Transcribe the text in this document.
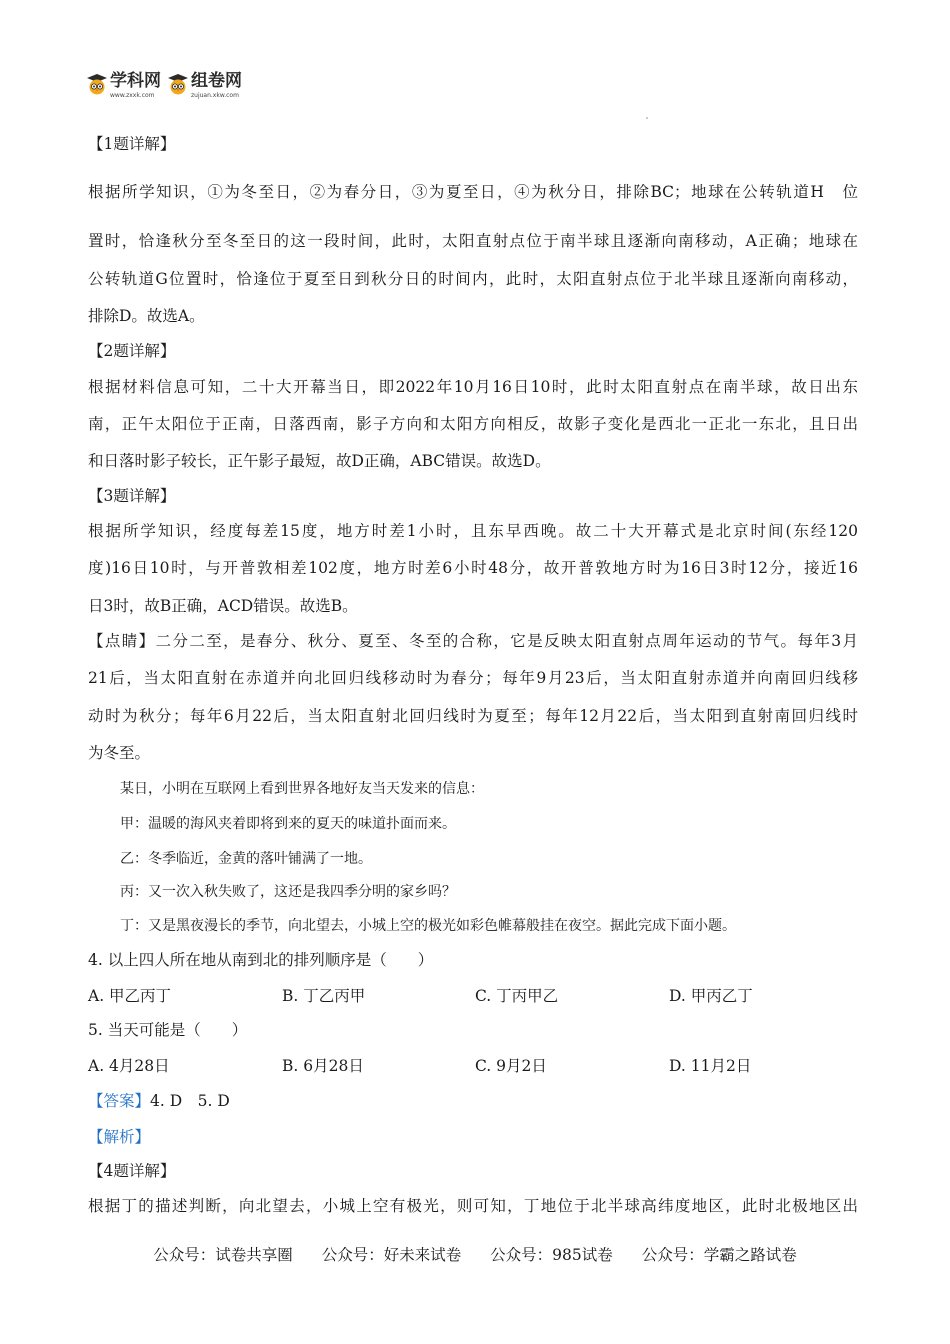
学科网
www.zxxk.com
组卷网
zujuan.xkw.com
【1题详解】
根据所学知识，①为冬至日，②为春分日，③为夏至日，④为秋分日，排除BC；地球在公转轨道H　位
置时，恰逢秋分至冬至日的这一段时间，此时，太阳直射点位于南半球且逐渐向南移动，A正确；地球在
公转轨道G位置时，恰逢位于夏至日到秋分日的时间内，此时，太阳直射点位于北半球且逐渐向南移动，
排除D。故选A。
【2题详解】
根据材料信息可知，二十大开幕当日，即2022年10月16日10时，此时太阳直射点在南半球，故日出东
南，正午太阳位于正南，日落西南，影子方向和太阳方向相反，故影子变化是西北一正北一东北，且日出
和日落时影子较长，正午影子最短，故D正确，ABC错误。故选D。
【3题详解】
根据所学知识，经度每差15度，地方时差1小时，且东早西晚。故二十大开幕式是北京时间(东经120
度)16日10时，与开普敦相差102度，地方时差6小时48分，故开普敦地方时为16日3时12分，接近16
日3时，故B正确，ACD错误。故选B。
【点睛】二分二至，是春分、秋分、夏至、冬至的合称，它是反映太阳直射点周年运动的节气。每年3月
21后，当太阳直射在赤道并向北回归线移动时为春分；每年9月23后，当太阳直射赤道并向南回归线移
动时为秋分；每年6月22后，当太阳直射北回归线时为夏至；每年12月22后，当太阳到直射南回归线时
为冬至。
某日，小明在互联网上看到世界各地好友当天发来的信息：
甲：温暖的海风夹着即将到来的夏天的味道扑面而来。
乙：冬季临近，金黄的落叶铺满了一地。
丙：又一次入秋失败了，这还是我四季分明的家乡吗？
丁：又是黑夜漫长的季节，向北望去，小城上空的极光如彩色帷幕般挂在夜空。据此完成下面小题。
4. 以上四人所在地从南到北的排列顺序是（　　）
A. 甲乙丙丁	B. 丁乙丙甲	C. 丁丙甲乙	D. 甲丙乙丁
5. 当天可能是（　　）
A. 4月28日	B. 6月28日	C. 9月2日	D. 11月2日
【答案】4. D　5. D
【解析】
【4题详解】
根据丁的描述判断，向北望去，小城上空有极光，则可知，丁地位于北半球高纬度地区，此时北极地区出
公众号：试卷共享圈 公众号：好未来试卷 公众号：985试卷 公众号：学霸之路试卷
